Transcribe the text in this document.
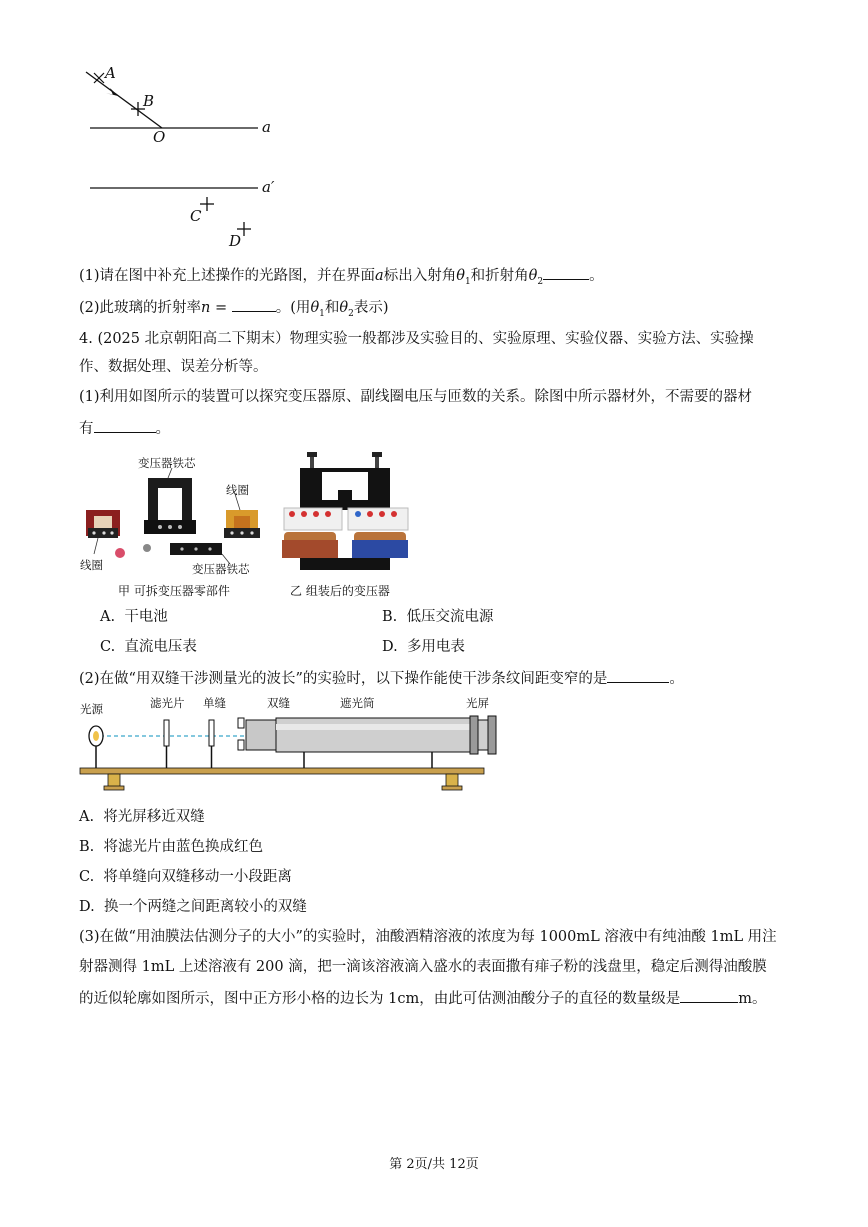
A
B
O
a
a′
C
D
(1)请在图中补充上述操作的光路图，并在界面a标出入射角$\theta_1$和折射角$\theta_2$	。
(2)此玻璃的折射率n =	。(用$\theta_1$和$\theta_2$表示)
4. (2025 北京朝阳高二下期末）物理实验一般都涉及实验目的、实验原理、实验仪器、实验方法、实验操
作、数据处理、误差分析等。
(1)利用如图所示的装置可以探究变压器原、副线圈电压与匝数的关系。除图中所示器材外，不需要的器材
有	。
变压器铁芯
线圈
线圈	变压器铁芯
甲 可拆变压器零部件	乙 组装后的变压器
A. 干电池	B. 低压交流电源
C. 直流电压表	D. 多用电表
(2)在做“用双缝干涉测量光的波长”的实验时，以下操作能使干涉条纹间距变窄的是	。
光源	滤光片 单缝	双缝	遮光筒	光屏
A. 将光屏移近双缝
B. 将滤光片由蓝色换成红色
C. 将单缝向双缝移动一小段距离
D. 换一个两缝之间距离较小的双缝
(3)在做“用油膜法估测分子的大小”的实验时，油酸酒精溶液的浓度为每 1000mL 溶液中有纯油酸 1mL 用注
射器测得 1mL 上述溶液有 200 滴，把一滴该溶液滴入盛水的表面撒有痱子粉的浅盘里，稳定后测得油酸膜
的近似轮廓如图所示，图中正方形小格的边长为 1cm，由此可估测油酸分子的直径的数量级是	m。
第 2页/共 12页
